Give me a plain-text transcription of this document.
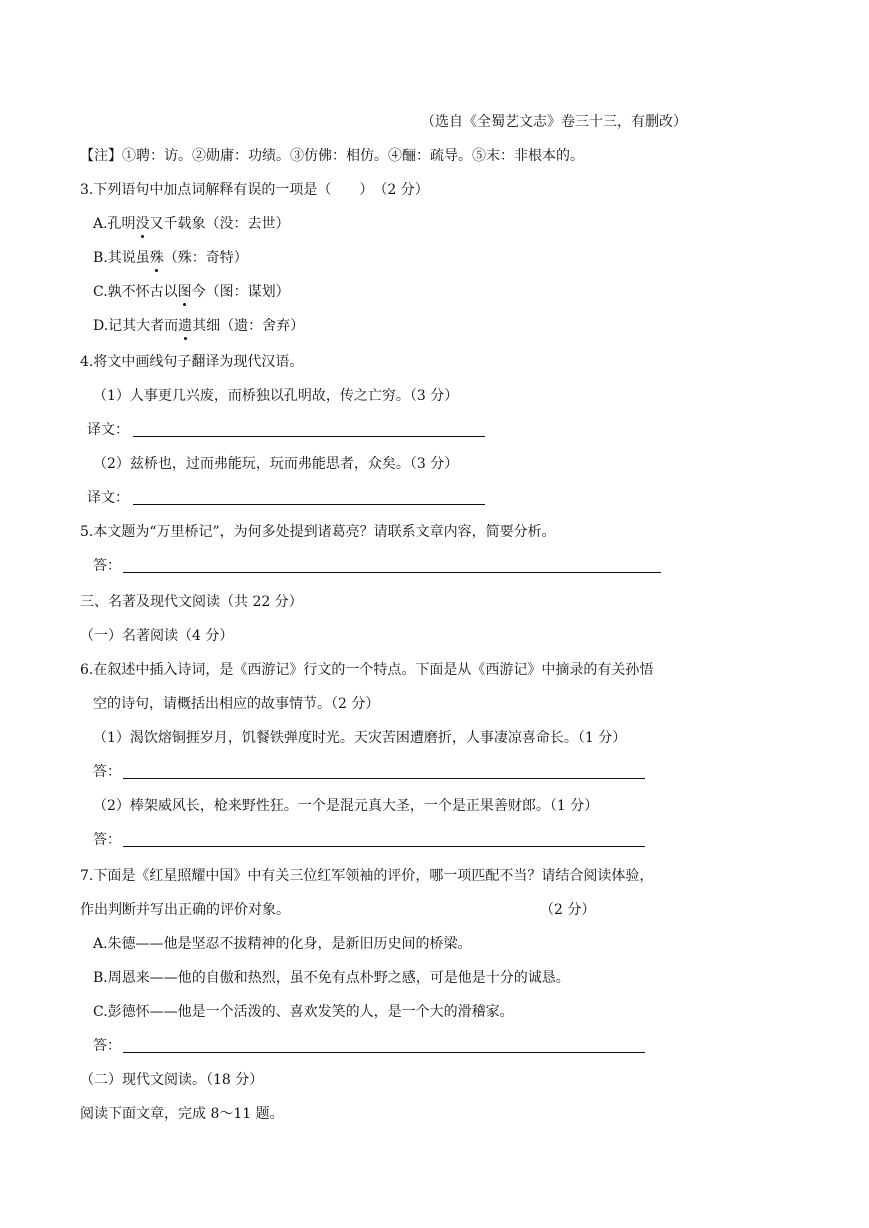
（选自《全蜀艺文志》卷三十三，有删改）
【注】①聘：访。②勋庸：功绩。③仿佛：相仿。④酾：疏导。⑤末：非根本的。
3.下列语句中加点词解释有误的一项是（　　）　（2 分）
A.孔明没又千载象（没：去世）
B.其说虽殊（殊：奇特）
C.孰不怀古以图今（图：谋划）
D.记其大者而遗其细（遗：舍弃）
4.将文中画线句子翻译为现代汉语。
（1）人事更几兴废，而桥独以孔明故，传之亡穷。（3 分）
译文：
（2）兹桥也，过而弗能玩，玩而弗能思者，众矣。（3 分）
译文：
5.本文题为“万里桥记”，为何多处提到诸葛亮？请联系文章内容，简要分析。
答：
三、名著及现代文阅读（共 22 分）
（一）名著阅读（4 分）
6.在叙述中插入诗词，是《西游记》行文的一个特点。下面是从《西游记》中摘录的有关孙悟
空的诗句，请概括出相应的故事情节。（2 分）
（1）渴饮熔铜捱岁月，饥餐铁弹度时光。天灾苦困遭磨折，人事凄凉喜命长。（1 分）
答：
（2）棒架威风长，枪来野性狂。一个是混元真大圣，一个是正果善财郎。（1 分）
答：
7.下面是《红星照耀中国》中有关三位红军领袖的评价，哪一项匹配不当？请结合阅读体验，
作出判断并写出正确的评价对象。	（2 分）
A.朱德——他是坚忍不拔精神的化身，是新旧历史间的桥梁。
B.周恩来——他的自傲和热烈，虽不免有点朴野之感，可是他是十分的诚恳。
C.彭德怀——他是一个活泼的、喜欢发笑的人，是一个大的滑稽家。
答：
（二）现代文阅读。（18 分）
阅读下面文章，完成 8～11 题。
